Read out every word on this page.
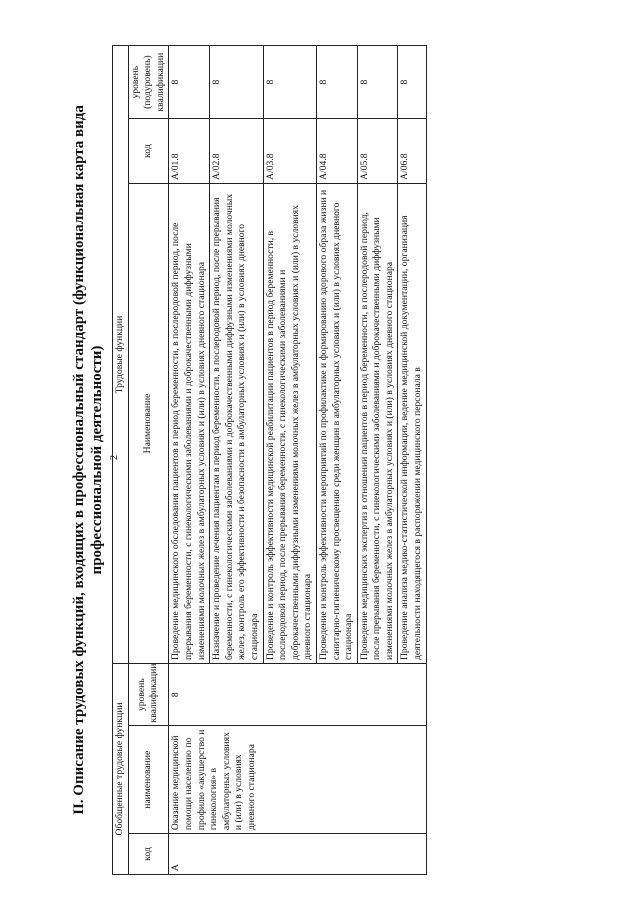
2
II. Описание трудовых функций, входящих в профессиональный стандарт (функциональная карта вида профессиональной деятельности)
Обобщенные трудовые функции			Трудовые функции		
код	наименование	уровень квалификации	Наименование	код	уровень (подуровень) квалификации
А	Оказание медицинской помощи населению по профилю «акушерство и гинекология» в амбулаторных условиях и (или) в условиях дневного стационара	8	Проведение медицинского обследования пациентов в период беременности, в послеродовой период, после прерывания беременности, с гинекологическими заболеваниями и доброкачественными диффузными изменениями молочных желез в амбулаторных условиях и (или) в условиях дневного стационара	A/01.8	8
			Назначение и проведение лечения пациентам в период беременности, в послеродовой период, после прерывания беременности, с гинекологическими заболеваниями и доброкачественными диффузными изменениями молочных желез, контроль его эффективности и безопасности в амбулаторных условиях и (или) в условиях дневного стационара	A/02.8	8
			Проведение и контроль эффективности медицинской реабилитации пациентов в период беременности, в послеродовой период, после прерывания беременности, с гинекологическими заболеваниями и доброкачественными диффузными изменениями молочных желез в амбулаторных условиях и (или) в условиях дневного стационара	A/03.8	8
			Проведение и контроль эффективности мероприятий по профилактике и формированию здорового образа жизни и санитарно-гигиеническому просвещению среди женщин в амбулаторных условиях и (или) в условиях дневного стационара	A/04.8	8
			Проведение медицинских экспертиз в отношении пациентов в период беременности, в послеродовой период, после прерывания беременности, с гинекологическими заболеваниями и доброкачественными диффузными изменениями молочных желез в амбулаторных условиях и (или) в условиях дневного стационара	A/05.8	8
			Проведение анализа медико-статистической информации, ведение медицинской документации, организация деятельности находящегося в распоряжении медицинского персонала в	A/06.8	8
